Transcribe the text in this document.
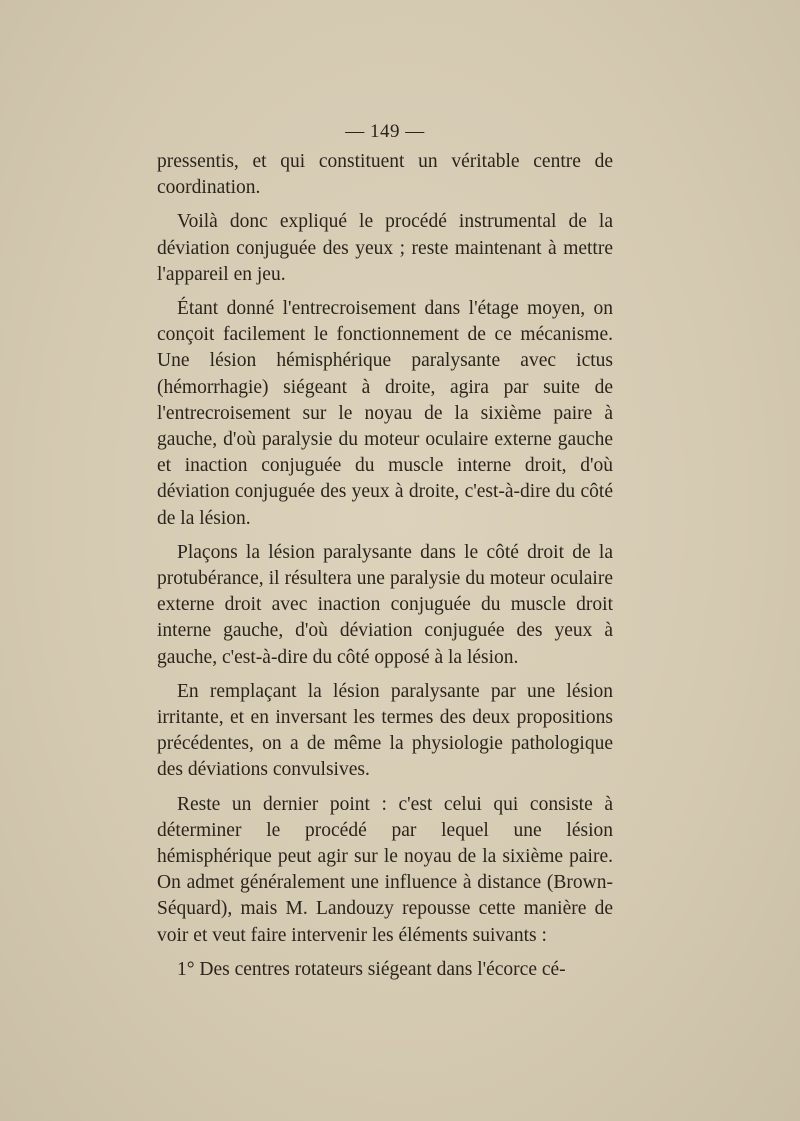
— 149 —

pressentis, et qui constituent un véritable centre de coordination.

Voilà donc expliqué le procédé instrumental de la déviation conjuguée des yeux ; reste maintenant à mettre l'appareil en jeu.

Étant donné l'entrecroisement dans l'étage moyen, on conçoit facilement le fonctionnement de ce mécanisme. Une lésion hémisphérique paralysante avec ictus (hémorrhagie) siégeant à droite, agira par suite de l'entrecroisement sur le noyau de la sixième paire à gauche, d'où paralysie du moteur oculaire externe gauche et inaction conjuguée du muscle interne droit, d'où déviation conjuguée des yeux à droite, c'est-à-dire du côté de la lésion.

Plaçons la lésion paralysante dans le côté droit de la protubérance, il résultera une paralysie du moteur oculaire externe droit avec inaction conjuguée du muscle droit interne gauche, d'où déviation conjuguée des yeux à gauche, c'est-à-dire du côté opposé à la lésion.

En remplaçant la lésion paralysante par une lésion irritante, et en inversant les termes des deux propositions précédentes, on a de même la physiologie pathologique des déviations convulsives.

Reste un dernier point : c'est celui qui consiste à déterminer le procédé par lequel une lésion hémisphérique peut agir sur le noyau de la sixième paire. On admet généralement une influence à distance (Brown-Séquard), mais M. Landouzy repousse cette manière de voir et veut faire intervenir les éléments suivants :

1° Des centres rotateurs siégeant dans l'écorce cé-
